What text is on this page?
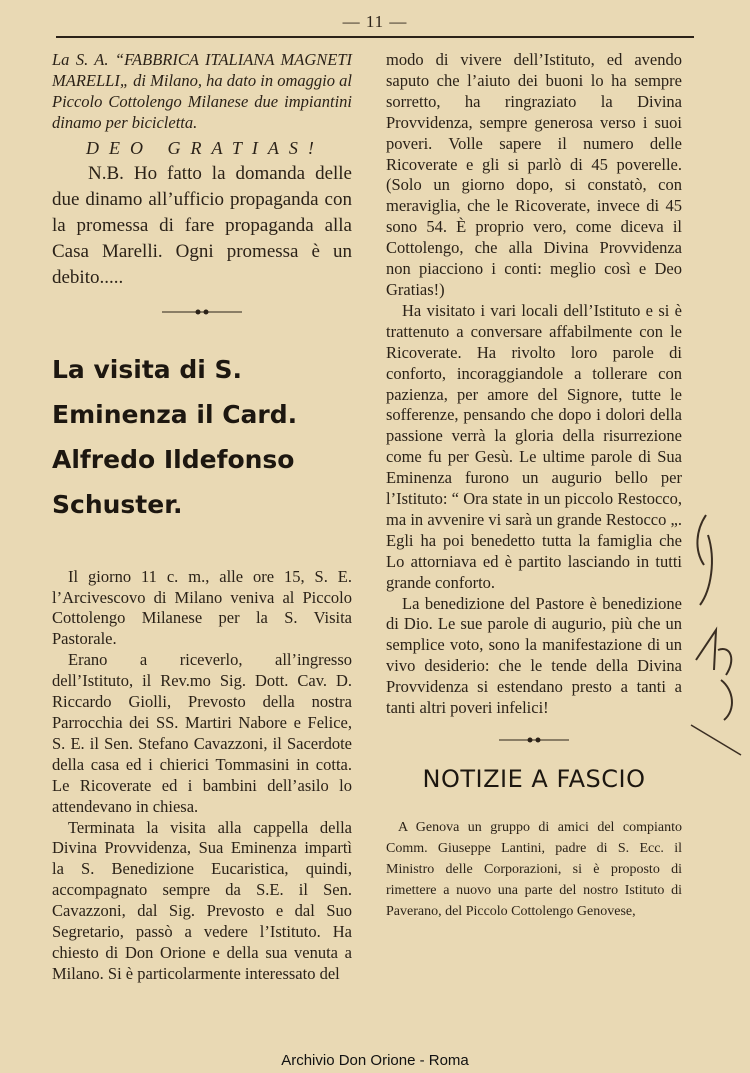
— 11 —

La S. A. “FABBRICA ITALIANA MAGNETI MARELLI„ di Milano, ha dato in omaggio al Piccolo Cottolengo Milanese due impiantini dinamo per bicicletta.

DEO GRATIAS!

N.B. Ho fatto la domanda delle due dinamo all’ufficio propaganda con la promessa di fare propaganda alla Casa Marelli. Ogni promessa è un debito.....

La visita di S. Eminenza il Card. Alfredo Ildefonso Schuster.

Il giorno 11 c. m., alle ore 15, S. E. l’Arcivescovo di Milano veniva al Piccolo Cottolengo Milanese per la S. Visita Pastorale.

Erano a riceverlo, all’ingresso dell’Istituto, il Rev.mo Sig. Dott. Cav. D. Riccardo Giolli, Prevosto della nostra Parrocchia dei SS. Martiri Nabore e Felice, S. E. il Sen. Stefano Cavazzoni, il Sacerdote della casa ed i chierici Tommasini in cotta. Le Ricoverate ed i bambini dell’asilo lo attendevano in chiesa.

Terminata la visita alla cappella della Divina Provvidenza, Sua Eminenza impartì la S. Benedizione Eucaristica, quindi, accompagnato sempre da S.E. il Sen. Cavazzoni, dal Sig. Prevosto e dal Suo Segretario, passò a vedere l’Istituto. Ha chiesto di Don Orione e della sua venuta a Milano. Si è particolarmente interessato del

modo di vivere dell’Istituto, ed avendo saputo che l’aiuto dei buoni lo ha sempre sorretto, ha ringraziato la Divina Provvidenza, sempre generosa verso i suoi poveri. Volle sapere il numero delle Ricoverate e gli si parlò di 45 poverelle. (Solo un giorno dopo, si constatò, con meraviglia, che le Ricoverate, invece di 45 sono 54. È proprio vero, come diceva il Cottolengo, che alla Divina Provvidenza non piacciono i conti: meglio così e Deo Gratias!)

Ha visitato i vari locali dell’Istituto e si è trattenuto a conversare affabilmente con le Ricoverate. Ha rivolto loro parole di conforto, incoraggiandole a tollerare con pazienza, per amore del Signore, tutte le sofferenze, pensando che dopo i dolori della passione verrà la gloria della risurrezione come fu per Gesù. Le ultime parole di Sua Eminenza furono un augurio bello per l’Istituto: “ Ora state in un piccolo Restocco, ma in avvenire vi sarà un grande Restocco „. Egli ha poi benedetto tutta la famiglia che Lo attorniava ed è partito lasciando in tutti grande conforto.

La benedizione del Pastore è benedizione di Dio. Le sue parole di augurio, più che un semplice voto, sono la manifestazione di un vivo desiderio: che le tende della Divina Provvidenza si estendano presto a tanti a tanti altri poveri infelici!

NOTIZIE A FASCIO

A Genova un gruppo di amici del compianto Comm. Giuseppe Lantini, padre di S. Ecc. il Ministro delle Corporazioni, si è proposto di rimettere a nuovo una parte del nostro Istituto di Paverano, del Piccolo Cottolengo Genovese,

Archivio Don Orione - Roma
